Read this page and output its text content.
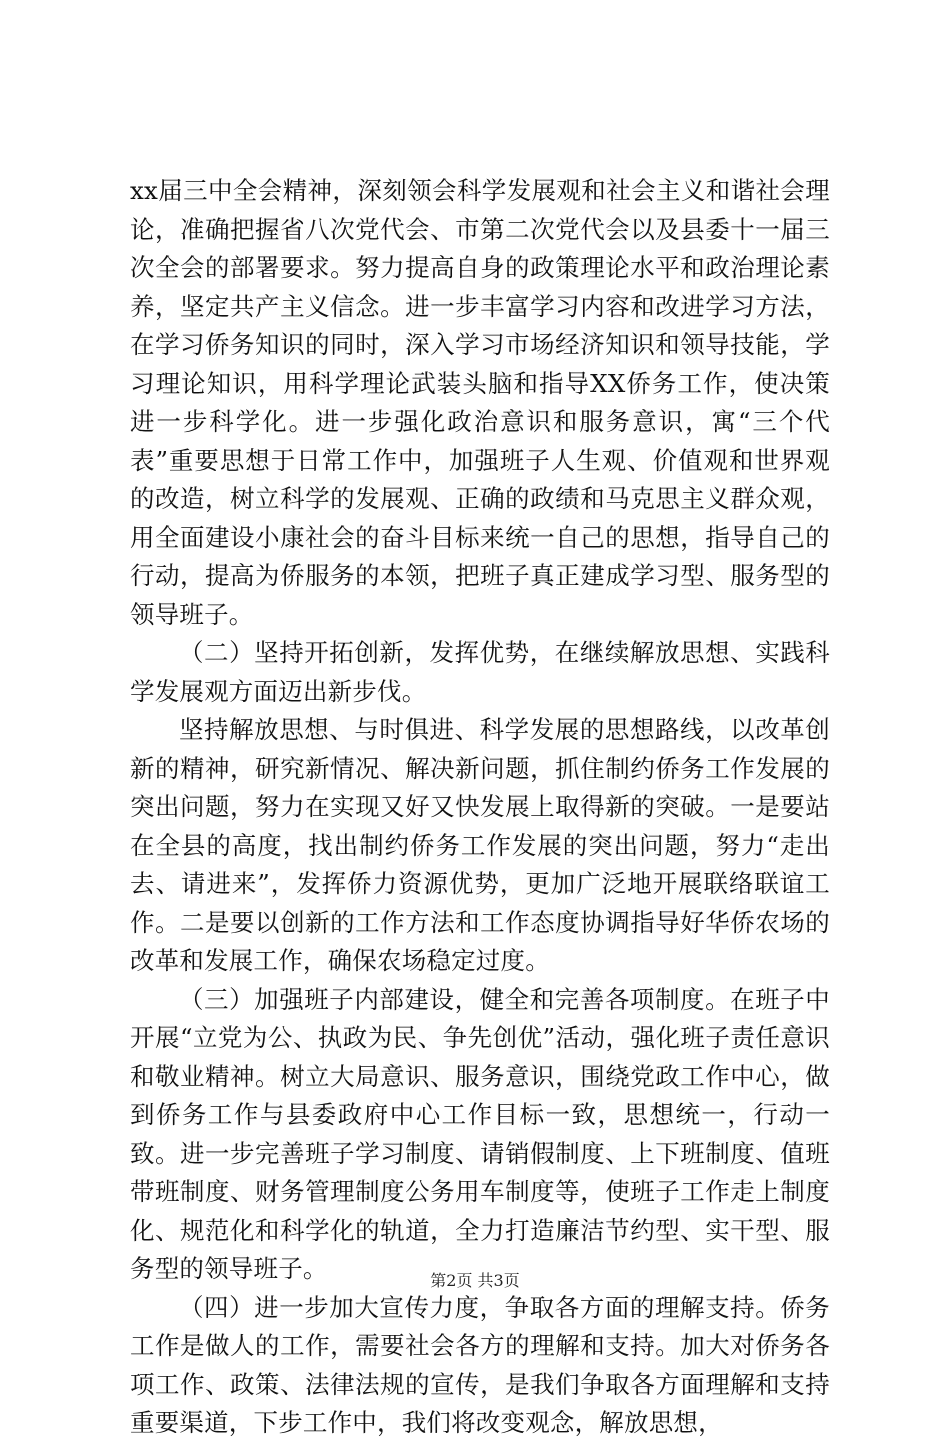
xx届三中全会精神，深刻领会科学发展观和社会主义和谐社会理论，准确把握省八次党代会、市第二次党代会以及县委十一届三次全会的部署要求。努力提高自身的政策理论水平和政治理论素养，坚定共产主义信念。进一步丰富学习内容和改进学习方法，在学习侨务知识的同时，深入学习市场经济知识和领导技能，学习理论知识，用科学理论武装头脑和指导XX侨务工作，使决策进一步科学化。进一步强化政治意识和服务意识，寓“三个代表”重要思想于日常工作中，加强班子人生观、价值观和世界观的改造，树立科学的发展观、正确的政绩和马克思主义群众观，用全面建设小康社会的奋斗目标来统一自己的思想，指导自己的行动，提高为侨服务的本领，把班子真正建成学习型、服务型的领导班子。

（二）坚持开拓创新，发挥优势，在继续解放思想、实践科学发展观方面迈出新步伐。

坚持解放思想、与时俱进、科学发展的思想路线，以改革创新的精神，研究新情况、解决新问题，抓住制约侨务工作发展的突出问题，努力在实现又好又快发展上取得新的突破。一是要站在全县的高度，找出制约侨务工作发展的突出问题，努力“走出去、请进来”，发挥侨力资源优势，更加广泛地开展联络联谊工作。二是要以创新的工作方法和工作态度协调指导好华侨农场的改革和发展工作，确保农场稳定过度。

（三）加强班子内部建设，健全和完善各项制度。在班子中开展“立党为公、执政为民、争先创优”活动，强化班子责任意识和敬业精神。树立大局意识、服务意识，围绕党政工作中心，做到侨务工作与县委政府中心工作目标一致，思想统一，行动一致。进一步完善班子学习制度、请销假制度、上下班制度、值班带班制度、财务管理制度公务用车制度等，使班子工作走上制度化、规范化和科学化的轨道，全力打造廉洁节约型、实干型、服务型的领导班子。

（四）进一步加大宣传力度，争取各方面的理解支持。侨务工作是做人的工作，需要社会各方的理解和支持。加大对侨务各项工作、政策、法律法规的宣传，是我们争取各方面理解和支持重要渠道，下步工作中，我们将改变观念，解放思想，

第2页 共3页
